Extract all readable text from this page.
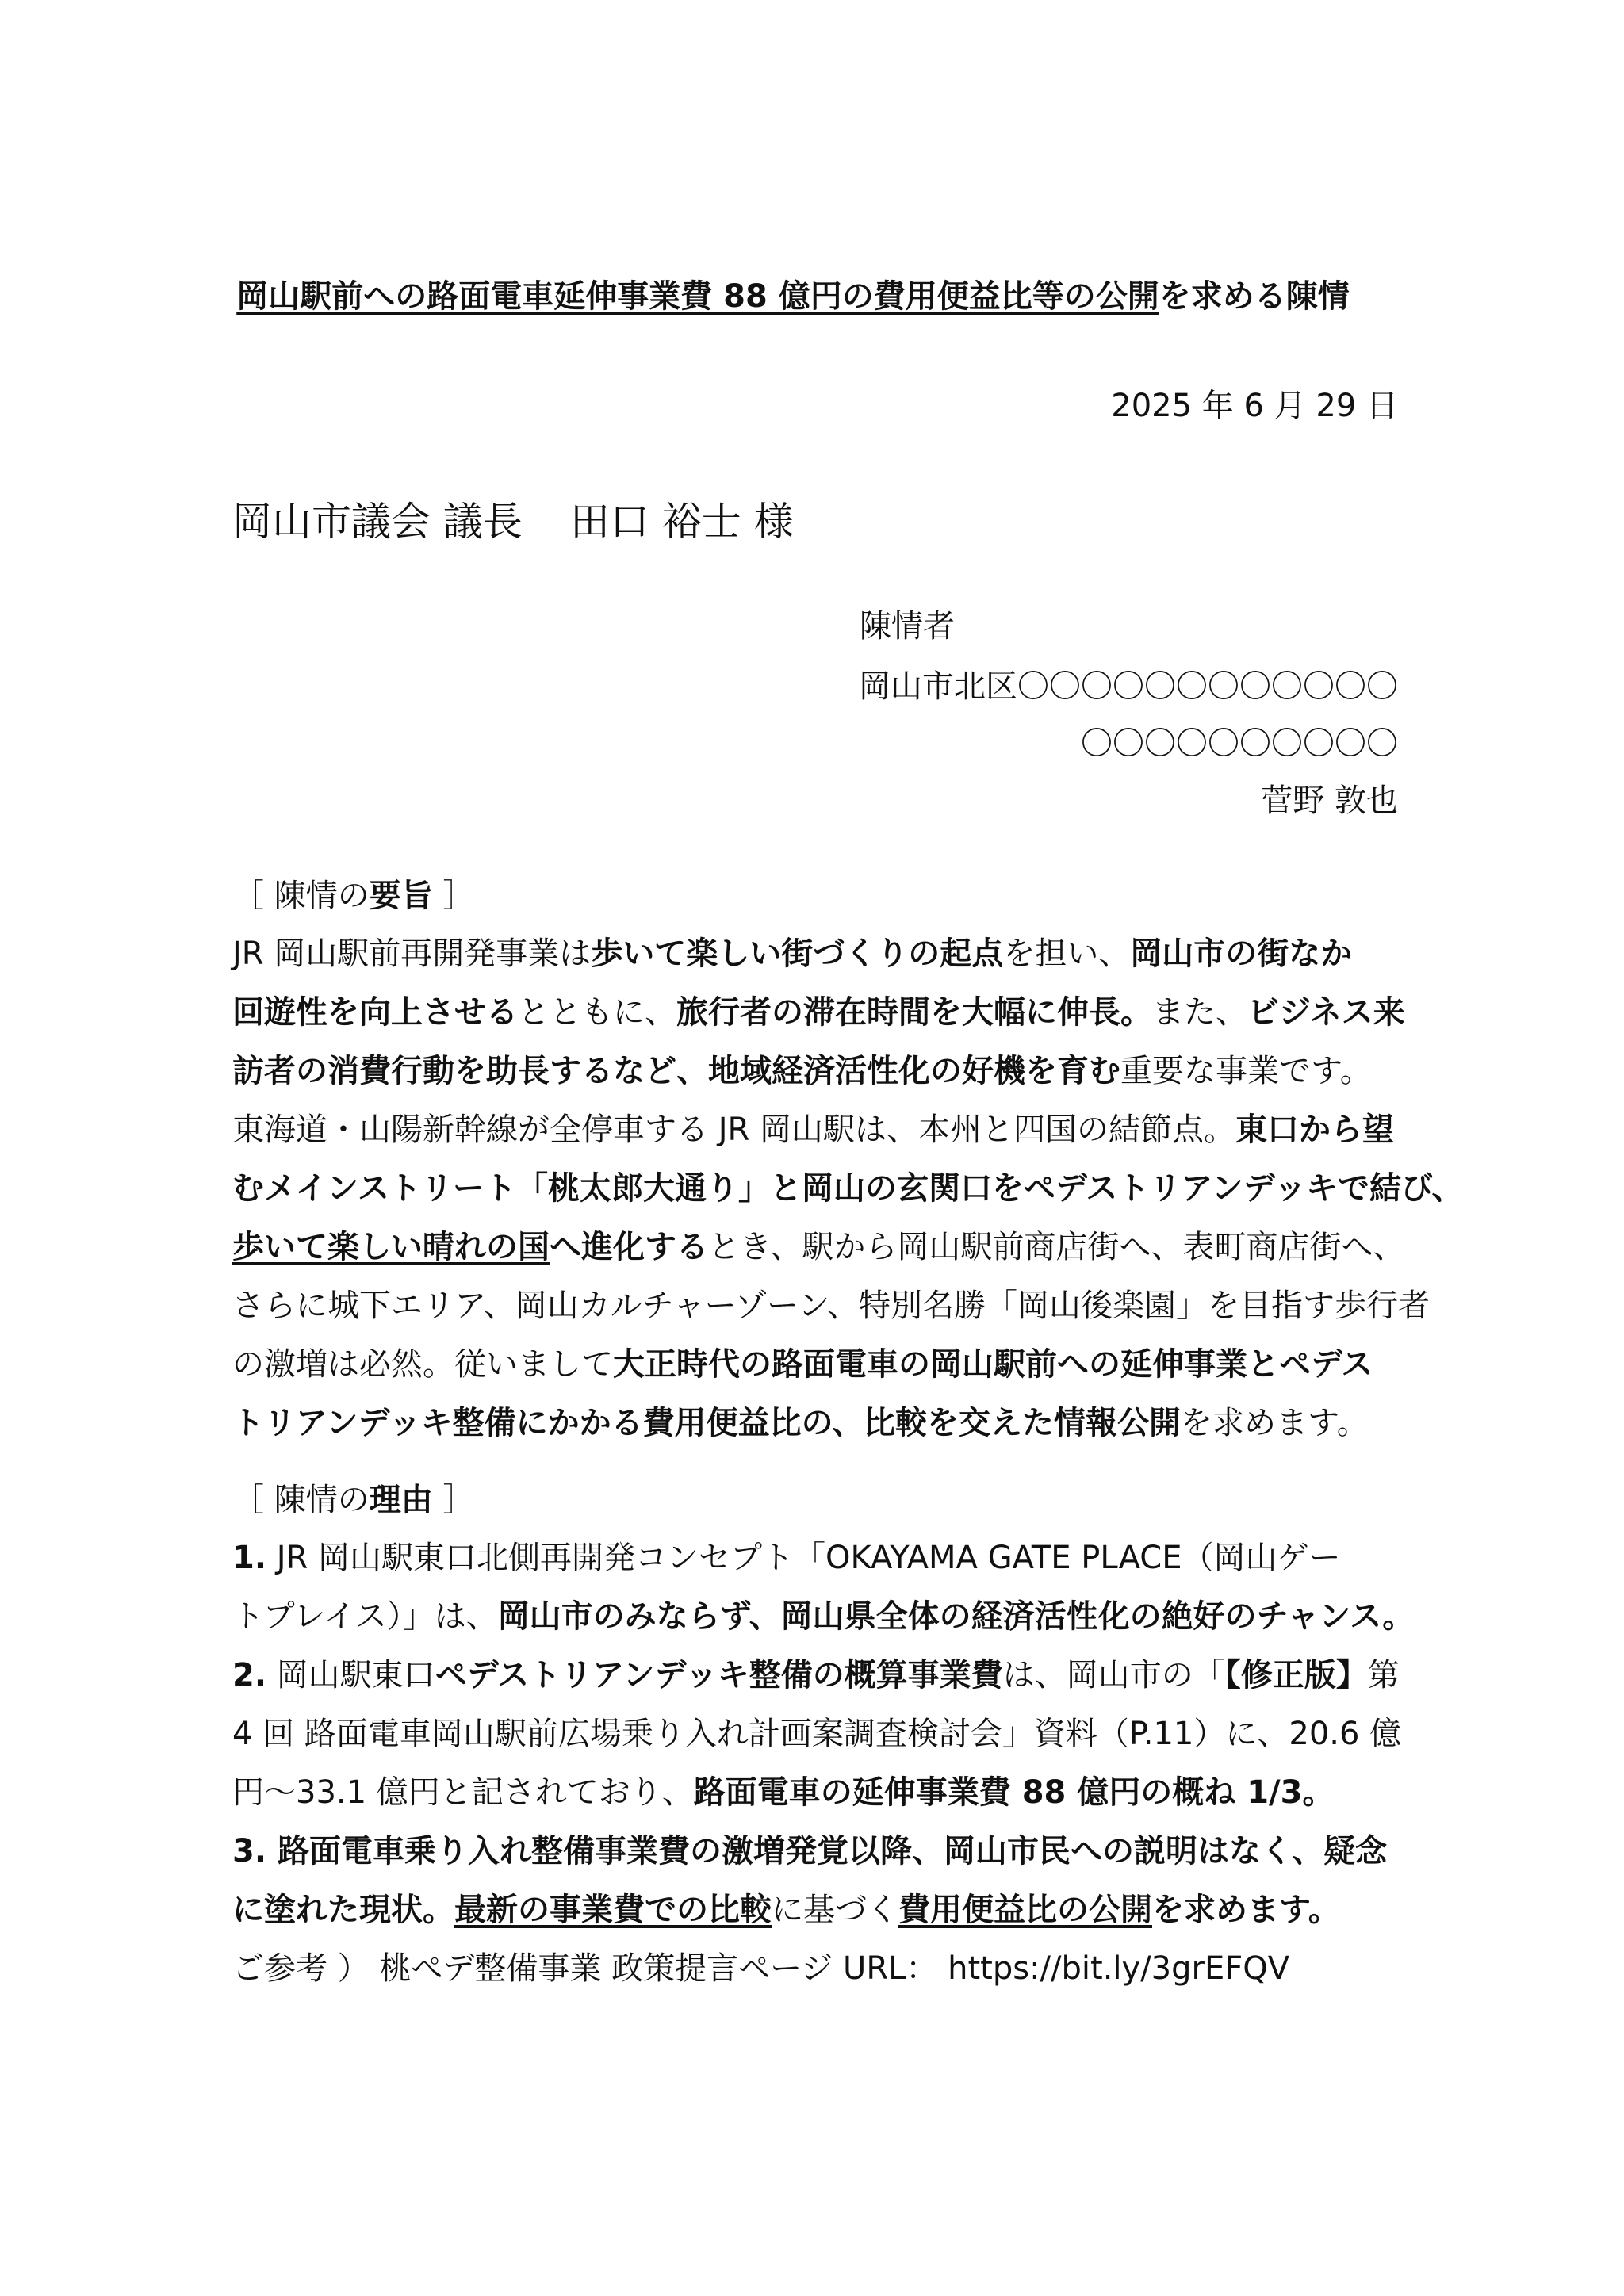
岡山駅前への路面電車延伸事業費 88 億円の費用便益比等の公開を求める陳情
2025 年 6 月 29 日
岡山市議会 議長 田口 裕士 様
陳情者
岡山市北区〇〇〇〇〇〇〇〇〇〇〇〇
〇〇〇〇〇〇〇〇〇〇
菅野 敦也
［ 陳情の要旨 ］
JR 岡山駅前再開発事業は歩いて楽しい街づくりの起点を担い、岡山市の街なか
回遊性を向上させるとともに、旅行者の滞在時間を大幅に伸長。また、ビジネス来
訪者の消費行動を助長するなど、地域経済活性化の好機を育む重要な事業です。
東海道・山陽新幹線が全停車する JR 岡山駅は、本州と四国の結節点。東口から望
むメインストリート「桃太郎大通り」と岡山の玄関口をペデストリアンデッキで結び、
歩いて楽しい晴れの国へ進化するとき、駅から岡山駅前商店街へ、表町商店街へ、
さらに城下エリア、岡山カルチャーゾーン、特別名勝「岡山後楽園」を目指す歩行者
の激増は必然。従いまして大正時代の路面電車の岡山駅前への延伸事業とペデス
トリアンデッキ整備にかかる費用便益比の、比較を交えた情報公開を求めます。
［ 陳情の理由 ］
1. JR 岡山駅東口北側再開発コンセプト「OKAYAMA GATE PLACE（岡山ゲー
トプレイス）」は、岡山市のみならず、岡山県全体の経済活性化の絶好のチャンス。
2. 岡山駅東口ペデストリアンデッキ整備の概算事業費は、岡山市の「【修正版】第
4 回 路面電車岡山駅前広場乗り入れ計画案調査検討会」資料（P.11）に、20.6 億
円～33.1 億円と記されており、路面電車の延伸事業費 88 億円の概ね 1/3。
3. 路面電車乗り入れ整備事業費の激増発覚以降、岡山市民への説明はなく、疑念
に塗れた現状。最新の事業費での比較に基づく費用便益比の公開を求めます。
ご参考 ） 桃ぺデ整備事業 政策提言ページ URL： https://bit.ly/3grEFQV
